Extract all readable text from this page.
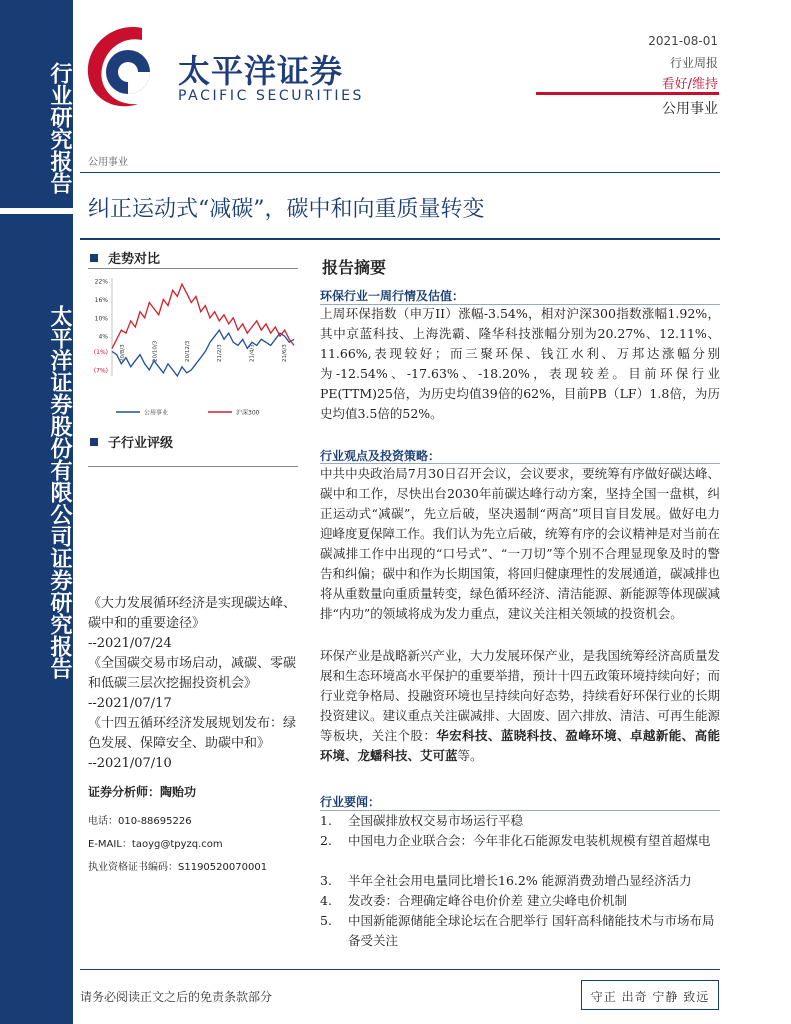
行业研究报告
太平洋证券股份有限公司证券研究报告
太平洋证券
PACIFIC SECURITIES
2021-08-01
行业周报
看好/维持
公用事业
公用事业
纠正运动式“减碳”，碳中和向重质量转变
走势对比
22%
16%
10%
4%
(1%)
(7%)
20/8/3	20/10/3	20/12/3	21/2/3	21/4/3	21/6/3
公用事业	沪深300
子行业评级
《大力发展循环经济是实现碳达峰、碳中和的重要途径》
--2021/07/24
《全国碳交易市场启动，减碳、零碳和低碳三层次挖掘投资机会》
--2021/07/17
《十四五循环经济发展规划发布：绿色发展、保障安全、助碳中和》
--2021/07/10
证券分析师：陶贻功
电话：010-88695226
E-MAIL：taoyg@tpyzq.com
执业资格证书编码：S1190520070001
报告摘要
环保行业一周行情及估值：
上周环保指数（申万II）涨幅-3.54%，相对沪深300指数涨幅1.92%，其中京蓝科技、上海洗霸、隆华科技涨幅分别为20.27%、12.11%、11.66%,表现较好；而三聚环保、钱江水利、万邦达涨幅分别为-12.54%、-17.63%、-18.20%，表现较差。目前环保行业PE(TTM)25倍，为历史均值39倍的62%，目前PB（LF）1.8倍，为历史均值3.5倍的52%。
行业观点及投资策略：
中共中央政治局7月30日召开会议，会议要求，要统筹有序做好碳达峰、碳中和工作，尽快出台2030年前碳达峰行动方案，坚持全国一盘棋，纠正运动式“减碳”，先立后破，坚决遏制“两高”项目盲目发展。做好电力迎峰度夏保障工作。我们认为先立后破，统筹有序的会议精神是对当前在碳减排工作中出现的“口号式”、“一刀切”等个别不合理显现象及时的警告和纠偏；碳中和作为长期国策，将回归健康理性的发展通道，碳减排也将从重数量向重质量转变，绿色循环经济、清洁能源、新能源等体现碳减排“内功”的领域将成为发力重点，建议关注相关领域的投资机会。
环保产业是战略新兴产业，大力发展环保产业，是我国统筹经济高质量发展和生态环境高水平保护的重要举措，预计十四五政策环境持续向好；而行业竞争格局、投融资环境也呈持续向好态势，持续看好环保行业的长期投资建议。建议重点关注碳减排、大固废、固六排放、清洁、可再生能源等板块，关注个股：华宏科技、蓝晓科技、盈峰环境、卓越新能、高能环境、龙蟠科技、艾可蓝等。
行业要闻：
1.	全国碳排放权交易市场运行平稳
2.	中国电力企业联合会：今年非化石能源发电装机规模有望首超煤电
3.	半年全社会用电量同比增长16.2% 能源消费劲增凸显经济活力
4.	发改委：合理确定峰谷电价价差 建立尖峰电价机制
5.	中国新能源储能全球论坛在合肥举行 国轩高科储能技术与市场布局备受关注
请务必阅读正文之后的免责条款部分	守正 出奇 宁静 致远
